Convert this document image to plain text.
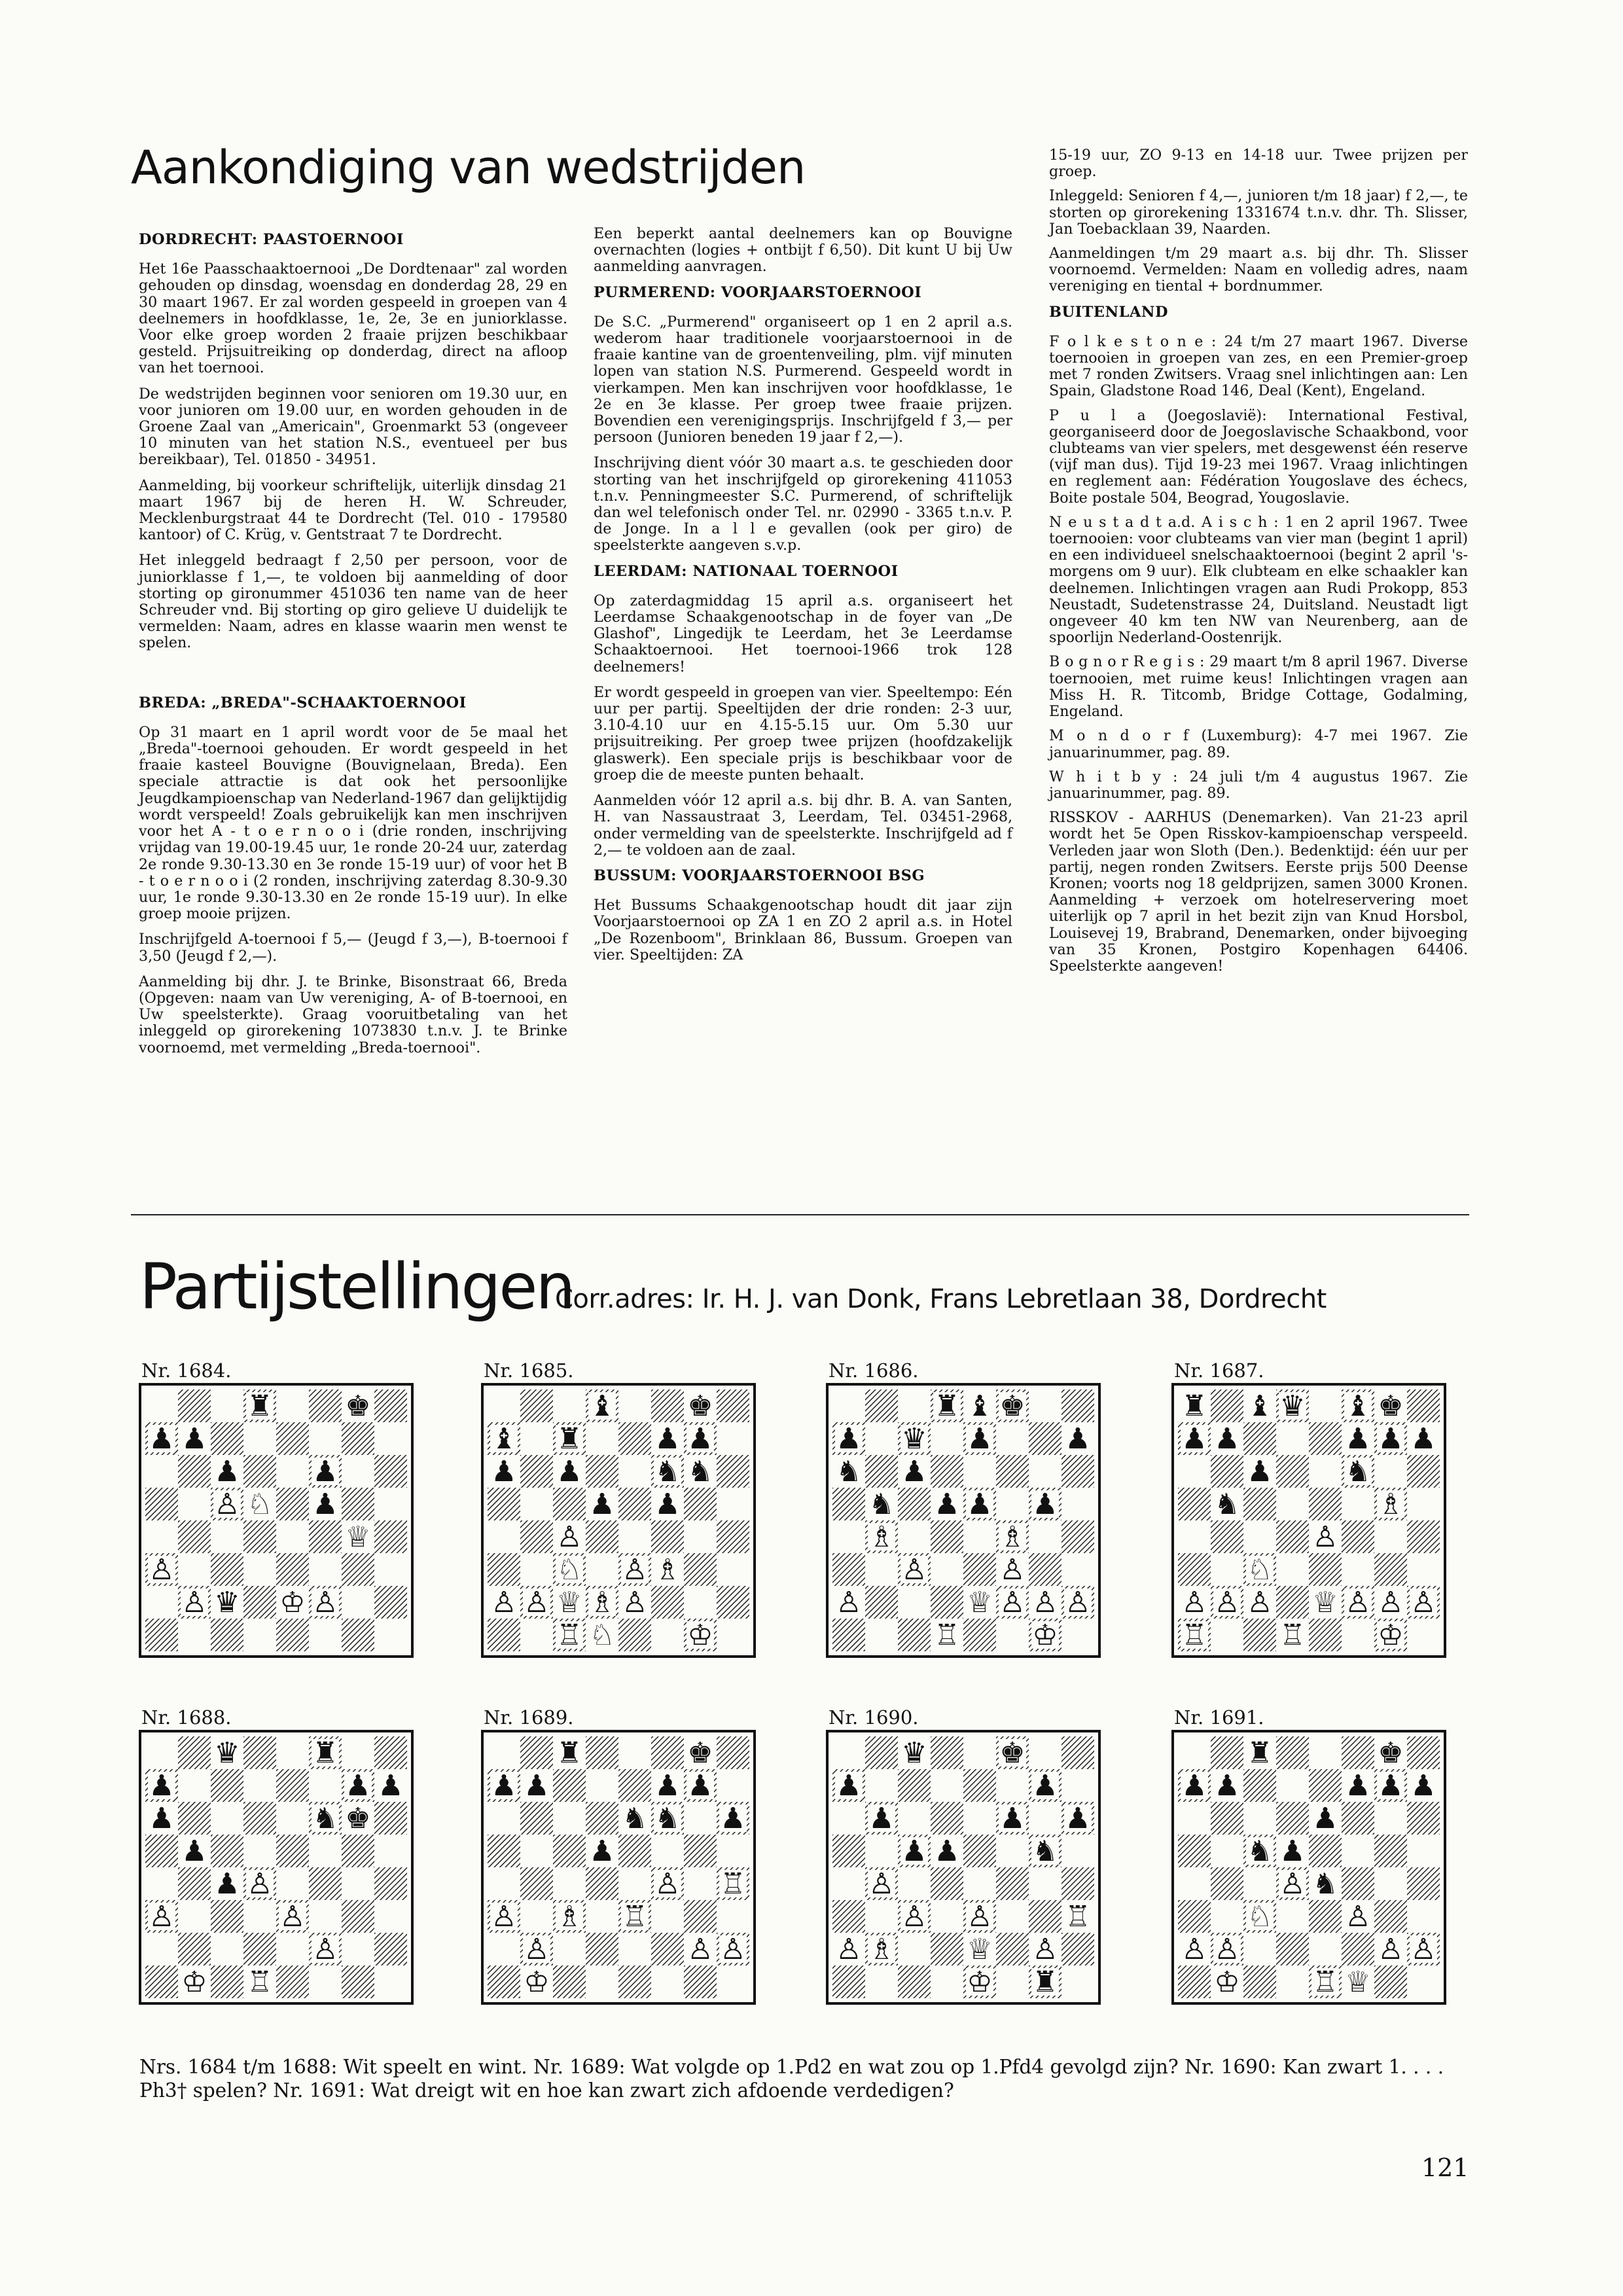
Aankondiging van wedstrijden
DORDRECHT: PAASTOERNOOI

Het 16e Paasschaaktoernooi „De Dordtenaar" zal worden gehouden op dinsdag, woensdag en donderdag 28, 29 en 30 maart 1967. Er zal worden gespeeld in groepen van 4 deelnemers in hoofdklasse, 1e, 2e, 3e en juniorklasse. Voor elke groep worden 2 fraaie prijzen beschikbaar gesteld. Prijsuitreiking op donderdag, direct na afloop van het toernooi.

De wedstrijden beginnen voor senioren om 19.30 uur, en voor junioren om 19.00 uur, en worden gehouden in de Groene Zaal van „Americain", Groenmarkt 53 (ongeveer 10 minuten van het station N.S., eventueel per bus bereikbaar), Tel. 01850 - 34951.

Aanmelding, bij voorkeur schriftelijk, uiterlijk dinsdag 21 maart 1967 bij de heren H. W. Schreuder, Mecklenburgstraat 44 te Dordrecht (Tel. 010 - 179580 kantoor) of C. Krüg, v. Gentstraat 7 te Dordrecht.

Het inleggeld bedraagt f 2,50 per persoon, voor de juniorklasse f 1,—, te voldoen bij aanmelding of door storting op gironummer 451036 ten name van de heer Schreuder vnd. Bij storting op giro gelieve U duidelijk te vermelden: Naam, adres en klasse waarin men wenst te spelen.

BREDA: „BREDA"-SCHAAKTOERNOOI

Op 31 maart en 1 april wordt voor de 5e maal het „Breda"-toernooi gehouden. Er wordt gespeeld in het fraaie kasteel Bouvigne (Bouvignelaan, Breda). Een speciale attractie is dat ook het persoonlijke Jeugdkampioenschap van Nederland-1967 dan gelijktijdig wordt verspeeld! Zoals gebruikelijk kan men inschrijven voor het A - t o e r n o o i (drie ronden, inschrijving vrijdag van 19.00-19.45 uur, 1e ronde 20-24 uur, zaterdag 2e ronde 9.30-13.30 en 3e ronde 15-19 uur) of voor het B - t o e r n o o i (2 ronden, inschrijving zaterdag 8.30-9.30 uur, 1e ronde 9.30-13.30 en 2e ronde 15-19 uur). In elke groep mooie prijzen.

Inschrijfgeld A-toernooi f 5,— (Jeugd f 3,—), B-toernooi f 3,50 (Jeugd f 2,—).

Aanmelding bij dhr. J. te Brinke, Bisonstraat 66, Breda (Opgeven: naam van Uw vereniging, A- of B-toernooi, en Uw speelsterkte). Graag vooruitbetaling van het inleggeld op girorekening 1073830 t.n.v. J. te Brinke voornoemd, met vermelding „Breda-toernooi".

Een beperkt aantal deelnemers kan op Bouvigne overnachten (logies + ontbijt f 6,50). Dit kunt U bij Uw aanmelding aanvragen.

PURMEREND: VOORJAARSTOERNOOI

De S.C. „Purmerend" organiseert op 1 en 2 april a.s. wederom haar traditionele voorjaarstoernooi in de fraaie kantine van de groentenveiling, plm. vijf minuten lopen van station N.S. Purmerend. Gespeeld wordt in vierkampen. Men kan inschrijven voor hoofdklasse, 1e 2e en 3e klasse. Per groep twee fraaie prijzen. Bovendien een verenigingsprijs. Inschrijfgeld f 3,— per persoon (Junioren beneden 19 jaar f 2,—).

Inschrijving dient vóór 30 maart a.s. te geschieden door storting van het inschrijfgeld op girorekening 411053 t.n.v. Penningmeester S.C. Purmerend, of schriftelijk dan wel telefonisch onder Tel. nr. 02990 - 3365 t.n.v. P. de Jonge. In a l l e gevallen (ook per giro) de speelsterkte aangeven s.v.p.

LEERDAM: NATIONAAL TOERNOOI

Op zaterdagmiddag 15 april a.s. organiseert het Leerdamse Schaakgenootschap in de foyer van „De Glashof", Lingedijk te Leerdam, het 3e Leerdamse Schaaktoernooi. Het toernooi-1966 trok 128 deelnemers!

Er wordt gespeeld in groepen van vier. Speeltempo: Eén uur per partij. Speeltijden der drie ronden: 2-3 uur, 3.10-4.10 uur en 4.15-5.15 uur. Om 5.30 uur prijsuitreiking. Per groep twee prijzen (hoofdzakelijk glaswerk). Een speciale prijs is beschikbaar voor de groep die de meeste punten behaalt.

Aanmelden vóór 12 april a.s. bij dhr. B. A. van Santen, H. van Nassaustraat 3, Leerdam, Tel. 03451-2968, onder vermelding van de speelsterkte. Inschrijfgeld ad f 2,— te voldoen aan de zaal.

BUSSUM: VOORJAARSTOERNOOI BSG

Het Bussums Schaakgenootschap houdt dit jaar zijn Voorjaarstoernooi op ZA 1 en ZO 2 april a.s. in Hotel „De Rozenboom", Brinklaan 86, Bussum. Groepen van vier. Speeltijden: ZA

15-19 uur, ZO 9-13 en 14-18 uur. Twee prijzen per groep.

Inleggeld: Senioren f 4,—, junioren t/m 18 jaar) f 2,—, te storten op girorekening 1331674 t.n.v. dhr. Th. Slisser, Jan Toebacklaan 39, Naarden.

Aanmeldingen t/m 29 maart a.s. bij dhr. Th. Slisser voornoemd. Vermelden: Naam en volledig adres, naam vereniging en tiental + bordnummer.

BUITENLAND

F o l k e s t o n e : 24 t/m 27 maart 1967. Diverse toernooien in groepen van zes, en een Premier-groep met 7 ronden Zwitsers. Vraag snel inlichtingen aan: Len Spain, Gladstone Road 146, Deal (Kent), Engeland.

P u l a (Joegoslavië): International Festival, georganiseerd door de Joegoslavische Schaakbond, voor clubteams van vier spelers, met desgewenst één reserve (vijf man dus). Tijd 19-23 mei 1967. Vraag inlichtingen en reglement aan: Fédération Yougoslave des échecs, Boite postale 504, Beograd, Yougoslavie.

N e u s t a d t a.d. A i s c h : 1 en 2 april 1967. Twee toernooien: voor clubteams van vier man (begint 1 april) en een individueel snelschaaktoernooi (begint 2 april 's-morgens om 9 uur). Elk clubteam en elke schaakler kan deelnemen. Inlichtingen vragen aan Rudi Prokopp, 853 Neustadt, Sudetenstrasse 24, Duitsland. Neustadt ligt ongeveer 40 km ten NW van Neurenberg, aan de spoorlijn Nederland-Oostenrijk.

B o g n o r R e g i s : 29 maart t/m 8 april 1967. Diverse toernooien, met ruime keus! Inlichtingen vragen aan Miss H. R. Titcomb, Bridge Cottage, Godalming, Engeland.

M o n d o r f (Luxemburg): 4-7 mei 1967. Zie januarinummer, pag. 89.

W h i t b y : 24 juli t/m 4 augustus 1967. Zie januarinummer, pag. 89.

RISSKOV - AARHUS (Denemarken). Van 21-23 april wordt het 5e Open Risskov-kampioenschap verspeeld. Verleden jaar won Sloth (Den.). Bedenktijd: één uur per partij, negen ronden Zwitsers. Eerste prijs 500 Deense Kronen; voorts nog 18 geldprijzen, samen 3000 Kronen. Aanmelding + verzoek om hotelreservering moet uiterlijk op 7 april in het bezit zijn van Knud Horsbol, Louisevej 19, Brabrand, Denemarken, onder bijvoeging van 35 Kronen, Postgiro Kopenhagen 64406. Speelsterkte aangeven!

Partijstellingen
Corr.adres: Ir. H. J. van Donk, Frans Lebretlaan 38, Dordrecht
Nr. 1684.
♜	♚
♟ ♟
♟	♟
♙ ♘ ♟
♕
♙
♙ ♛ ♔ ♙
Nr. 1685.
♝	♚
♝ ♜	♟ ♟
♟ ♟	♞ ♞
♟ ♟
♙
♘ ♙ ♗
♙ ♙ ♕ ♗ ♙
♖ ♘	♔
Nr. 1686.
♜ ♝ ♚
♟ ♛ ♟	♟
♞ ♟
♞ ♟ ♟ ♟
♗	♗
♙	♙
♙	♕ ♙ ♙ ♙
♖	♔
Nr. 1687.
♜ ♝ ♛ ♝ ♚
♟ ♟	♟ ♟ ♟
♟	♞
♞	♗
♙
♘
♙ ♙ ♙ ♕ ♙ ♙ ♙
♖	♖	♔
Nr. 1688.
♛	♜
♟	♟ ♟
♟	♞ ♚
♟
♟ ♙
♙	♙
♙
♔ ♖
Nr. 1689.
♜	♚
♟ ♟	♟ ♟
♞ ♞ ♟
♟
♙ ♖
♙ ♗ ♖
♙	♙ ♙
♔
Nr. 1690.
♛	♚
♟	♟
♟	♟
♟ ♟	♞
♟
♙
♙ ♙	♖
♙ ♗	♕ ♙
♔ ♜
Nr. 1691.
♜	♚
♟ ♟	♟ ♟ ♟
♟
♞ ♟
♙ ♞
♘	♙
♙ ♙	♙ ♙
♔	♖ ♕
Nrs. 1684 t/m 1688: Wit speelt en wint. Nr. 1689: Wat volgde op 1.Pd2 en wat zou op 1.Pfd4 gevolgd zijn? Nr. 1690: Kan zwart 1. . . . Ph3† spelen? Nr. 1691: Wat dreigt wit en hoe kan zwart zich afdoende verdedigen?
121
